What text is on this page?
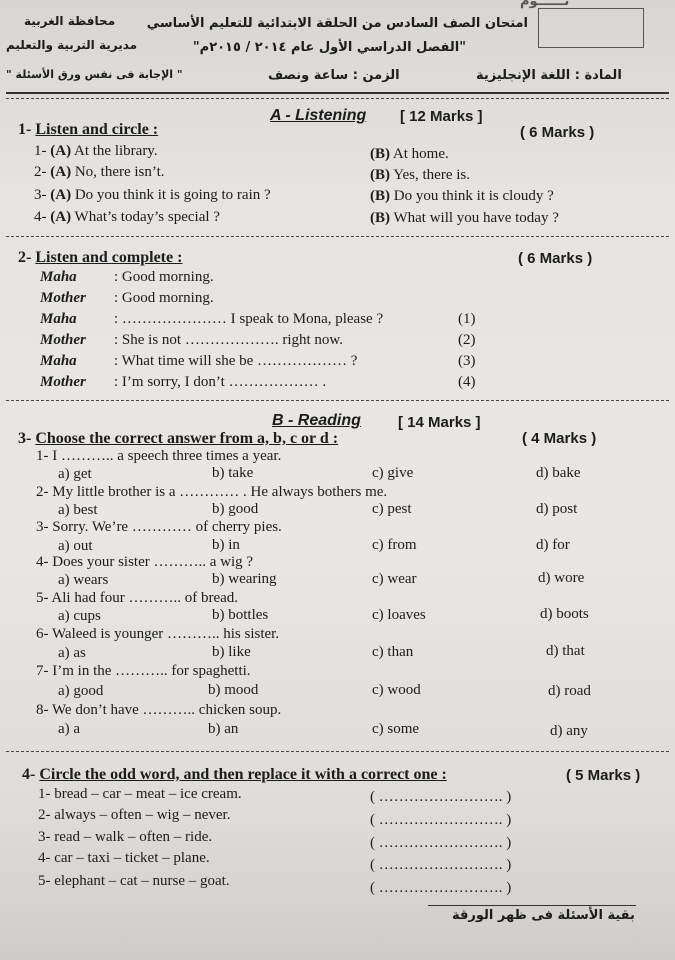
تــــــوم
محافظة الغربية
مديرية التربية والتعليم
امتحان الصف السادس من الحلقة الابتدائية للتعليم الأساسي
"الفصل الدراسي الأول عام ٢٠١٤ / ٢٠١٥م"
" الإجابة فى نفس ورق الأسئلة "	الزمن : ساعة ونصف	المادة : اللغة الإنجليزية
A - Listening [ 12 Marks ]
1- Listen and circle :	( 6 Marks )
1- (A) At the library.	(B) At home.
2- (A) No, there isn’t.	(B) Yes, there is.
3- (A) Do you think it is going to rain ?	(B) Do you think it is cloudy ?
4- (A) What’s today’s special ?	(B) What will you have today ?
2- Listen and complete :	( 6 Marks )
Maha : Good morning.
Mother : Good morning.
Maha : ………………… I speak to Mona, please ?	(1)
Mother : She is not ………………. right now.	(2)
Maha : What time will she be ……………… ?	(3)
Mother : I’m sorry, I don’t ……………… .	(4)
B - Reading [ 14 Marks ]
3- Choose the correct answer from a, b, c or d :	( 4 Marks )
1- I ……….. a speech three times a year.
a) get	b) take	c) give	d) bake
2- My little brother is a ………… . He always bothers me.
a) best	b) good	c) pest	d) post
3- Sorry. We’re ………… of cherry pies.
a) out	b) in	c) from	d) for
4- Does your sister ……….. a wig ?
a) wears	b) wearing	c) wear	d) wore
5- Ali had four ……….. of bread.
a) cups	b) bottles	c) loaves	d) boots
6- Waleed is younger ……….. his sister.
a) as	b) like	c) than	d) that
7- I’m in the ……….. for spaghetti.
a) good	b) mood	c) wood	d) road
8- We don’t have ……….. chicken soup.
a) a	b) an	c) some	d) any
4- Circle the odd word, and then replace it with a correct one :	( 5 Marks )
1- bread – car – meat – ice cream.	( ……………………. )
2- always – often – wig – never.	( ……………………. )
3- read – walk – often – ride.	( ……………………. )
4- car – taxi – ticket – plane.	( ……………………. )
5- elephant – cat – nurse – goat.	( ……………………. )
بقية الأسئلة فى ظهر الورقة
